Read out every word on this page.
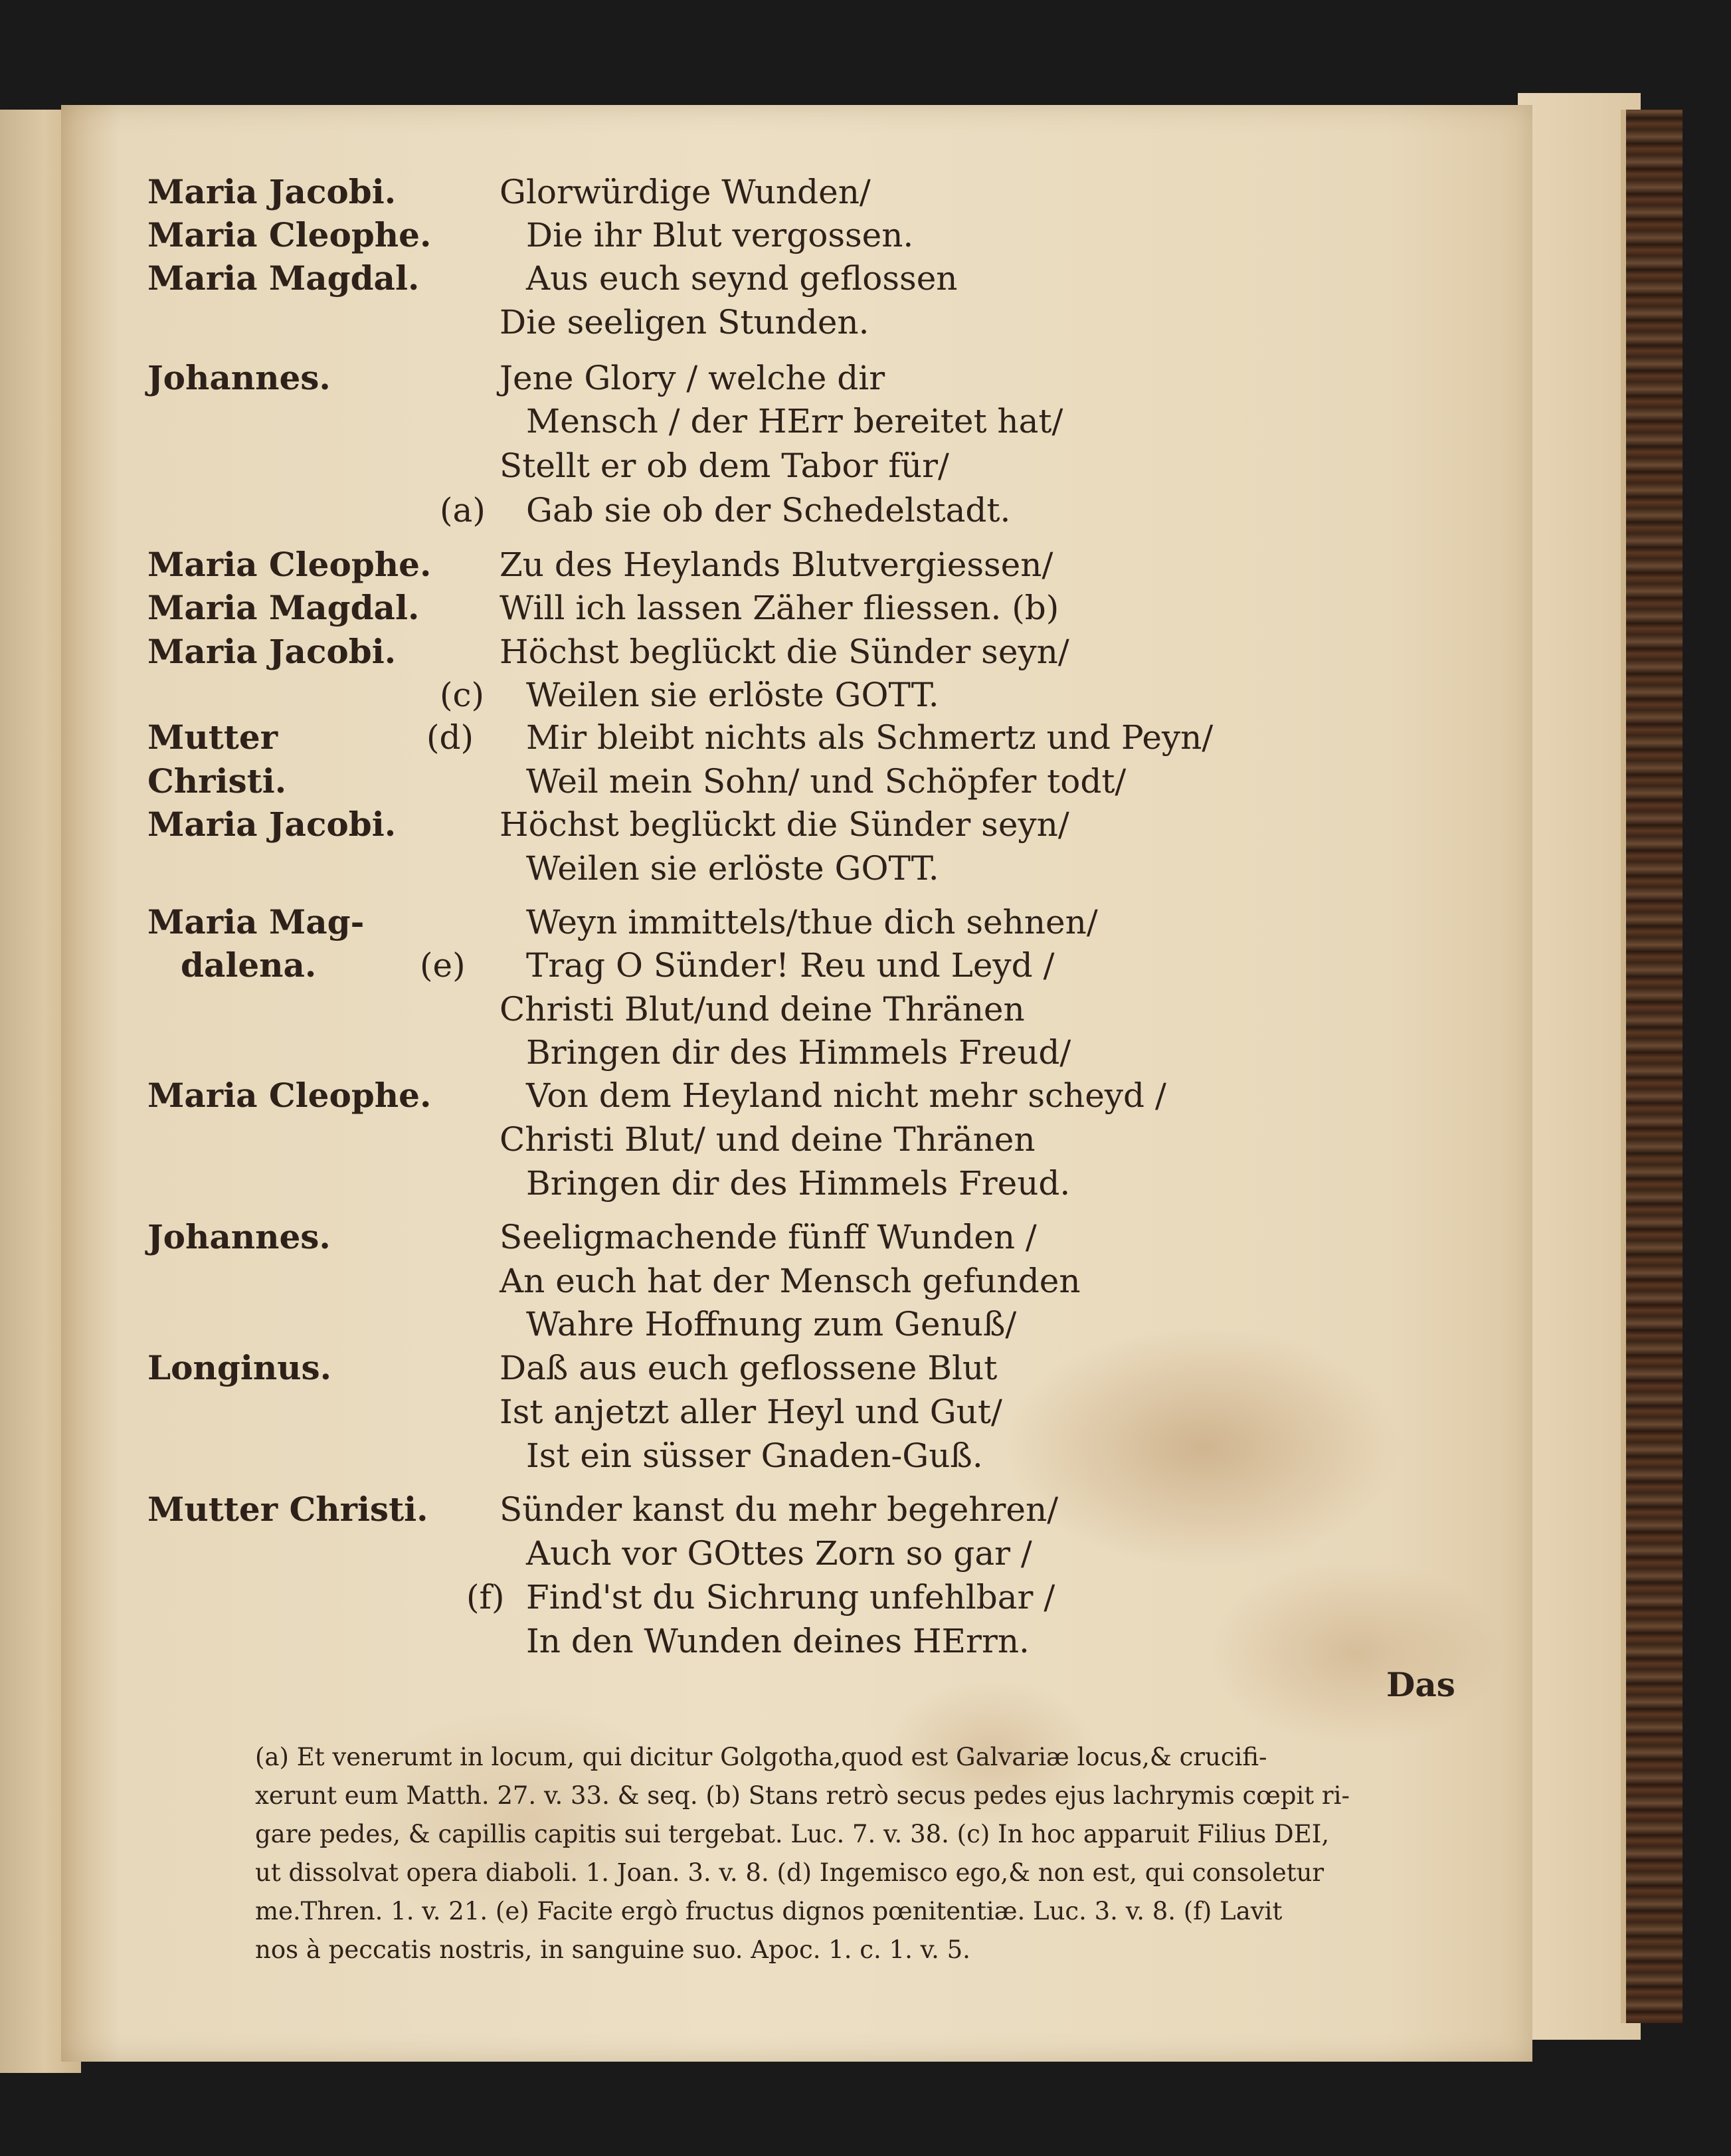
Maria Jacobi.	Glorwürdige Wunden/
Maria Cleophe.	Die ihr Blut vergossen.
Maria Magdal.	Aus euch seynd geflossen
Die seeligen Stunden.
Johannes.	Jene Glory / welche dir
Mensch / der HErr bereitet hat/
Stellt er ob dem Tabor für/
(a) Gab sie ob der Schedelstadt.
Maria Cleophe. Zu des Heylands Blutvergiessen/
Maria Magdal. Will ich lassen Zäher fliessen. (b)
Maria Jacobi.	Höchst beglückt die Sünder seyn/
(c) Weilen sie erlöste GOTT.
Mutter	(d) Mir bleibt nichts als Schmertz und Peyn/
Christi.	Weil mein Sohn/ und Schöpfer todt/
Maria Jacobi.	Höchst beglückt die Sünder seyn/
Weilen sie erlöste GOTT.
Maria Mag-	Weyn immittels/thue dich sehnen/
dalena.	(e) Trag O Sünder! Reu und Leyd /
Christi Blut/und deine Thränen
Bringen dir des Himmels Freud/
Maria Cleophe.	Von dem Heyland nicht mehr scheyd /
Christi Blut/ und deine Thränen
Bringen dir des Himmels Freud.
Johannes.	Seeligmachende fünff Wunden /
An euch hat der Mensch gefunden
Wahre Hoffnung zum Genuß/
Longinus.	Daß aus euch geflossene Blut
Ist anjetzt aller Heyl und Gut/
Ist ein süsser Gnaden-Guß.
Mutter Christi. Sünder kanst du mehr begehren/
Auch vor GOttes Zorn so gar /
(f) Find'st du Sichrung unfehlbar /
In den Wunden deines HErrn.
Das
(a) Et venerumt in locum, qui dicitur Golgotha,quod est Galvariæ locus,& crucifi-
xerunt eum Matth. 27. v. 33. & seq. (b) Stans retrò secus pedes ejus lachrymis cœpit ri-
gare pedes, & capillis capitis sui tergebat. Luc. 7. v. 38. (c) In hoc apparuit Filius DEI,
ut dissolvat opera diaboli. 1. Joan. 3. v. 8. (d) Ingemisco ego,& non est, qui consoletur
me.Thren. 1. v. 21. (e) Facite ergò fructus dignos pœnitentiæ. Luc. 3. v. 8. (f) Lavit
nos à peccatis nostris, in sanguine suo. Apoc. 1. c. 1. v. 5.
